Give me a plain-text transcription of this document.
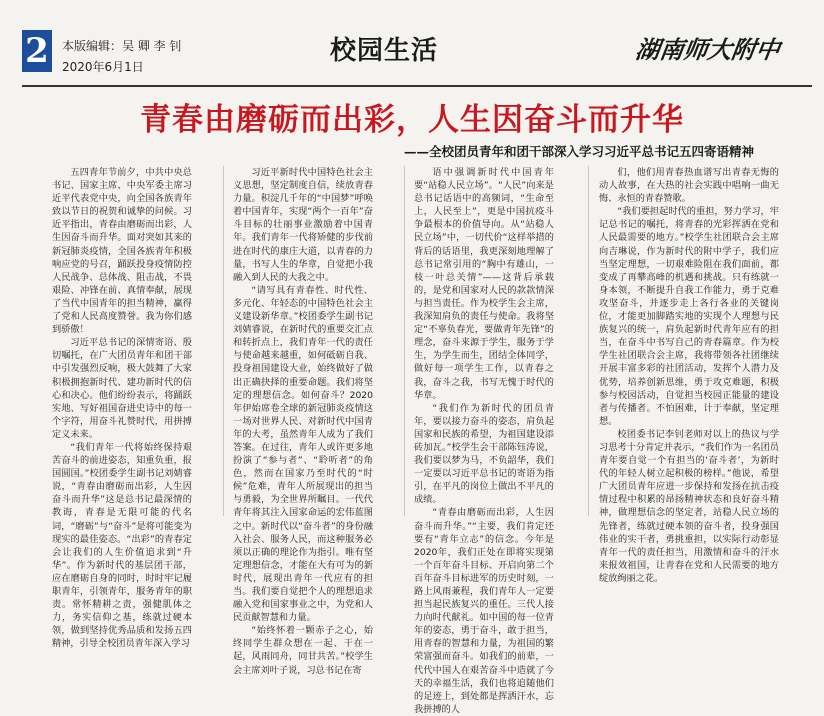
2 本版编辑：吴 卿 李 钊
2020年6月1日
校园生活	湖南师大附中
青春由磨砺而出彩，人生因奋斗而升华
——全校团员青年和团干部深入学习习近平总书记五四寄语精神

五四青年节前夕，中共中央总书记、国家主席、中央军委主席习近平代表党中央，向全国各族青年致以节日的祝贺和诚挚的问候。习近平指出，青春由磨砺而出彩，人生因奋斗而升华。面对突如其来的新冠肺炎疫情，全国各族青年积极响应党的号召，踊跃投身疫情防控人民战争、总体战、阻击战，不畏艰险、冲锋在前、真情奉献，展现了当代中国青年的担当精神，赢得了党和人民高度赞誉。我为你们感到骄傲！

习近平总书记的深情寄语、殷切嘱托，在广大团员青年和团干部中引发强烈反响，极大鼓舞了大家积极拥抱新时代、建功新时代的信心和决心。他们纷纷表示，将踊跃实地、写好祖国奋进史诗中的每一个字符，用奋斗礼赞时代，用拼搏定义未来。

“我们青年一代将始终保持艰苦奋斗的前进姿态，知重负重，报国圆国。”校团委学生副书记刘婧睿说，“青春由磨砺而出彩，人生因奋斗而升华”这是总书记最深情的教诲，青春是无限可能的代名词，“磨砺”与“奋斗”是将可能变为现实的最佳姿态。“出彩”的青春定会让我们的人生价值追求到“升华”。作为新时代的基层团干部，应在磨砺自身的同时，时时牢记履职青年，引领青年，服务青年的职责。常怀精耕之责，强健肌体之力，务实信仰之基，练就过硬本领，做到坚持优秀品质和发扬五四精神，引导全校团员青年深入学习

习近平新时代中国特色社会主义思想，坚定制度自信，续放青春力量。积淀几千年的“中国梦”呼唤着中国青年，实现“两个一百年”奋斗目标的壮丽事业激励着中国青年。我们青年一代将矫健的步伐前进在时代的康庄大道，以青春的力量，书写人生的华章，自觉把小我融入到人民的大我之中。

“请写具有青春性、时代性、多元化、年轻态的中国特色社会主义建设新华章。”校团委学生副书记刘婧睿说，在新时代的重要交汇点和转折点上，我们青年一代的责任与使命越来越重，如何砥砺自我、投身祖国建设大业，始终做好了做出正确抉择的重要命题。我们将坚定的理想信念。如何奋斗？2020年伊始席卷全球的新冠肺炎疫情这一场对世界人民、对新时代中国青年的大考，虽然青年人成为了我们答案。在过往，青年人或许更多地扮演了“参与者”、“聆听者”的角色，然而在国家乃至时代的“时候”危难，青年人所展现出的担当与勇毅，为全世界所瞩目。一代代青年将其注入国家命运的宏伟蓝图之中。新时代以“奋斗者”的身份融入社会、服务人民，而这种服务必须以正确的理论作为指引。唯有坚定理想信念，才能在大有可为的新时代，展现出青年一代应有的担当。我们要自觉把个人的理想追求融入党和国家事业之中，为党和人民贡献智慧和力量。

“始终怀着一颗赤子之心，始终同学生群众想在一起、干在一起，风雨同舟，同甘共苦。”校学生会主席刘叶子说，习总书记在寄

语中强调新时代中国青年要“站稳人民立场”。“人民”向来是总书记话语中的高频词，“生命至上，人民至上”，更是中国抗疫斗争最根本的价值导向。从“站稳人民立场”中，一切代价“这样举措的背后的话语里，我更深刻地理解了总书记常引用的“胸中有雄山，一枝一叶总关情”——这背后承载的，是党和国家对人民的款款情深与担当责任。作为校学生会主席，我深知肩负的责任与使命。我将坚定“不辜负春光，要做青年先锋”的理念，奋斗来源于学生，服务于学生，为学生而生，团结全体同学，做好每一项学生工作，以青春之我，奋斗之我，书写无愧于时代的华章。

“我们作为新时代的团员青年，要以接力奋斗的姿态，肩负起国家和民族的希望，为祖国建设添砖加瓦。”校学生会干部陈钰涛说，我们要以梦为马，不负韶华，我们一定要以习近平总书记的寄语为指引，在平凡的岗位上做出不平凡的成绩。

“青春由磨砺而出彩，人生因奋斗而升华。”“主要，我们肯定还要有“青年立志”的信念。今年是2020年，我们正处在即将实现第一个百年奋斗目标、开启向第二个百年奋斗目标进军的历史时刻，一路上风雨兼程，我们青年人一定要担当起民族复兴的重任。三代人接力向时代献礼。如中国的每一位青年的姿态，勇于奋斗，敢于担当，用青春的智慧和力量，为祖国的繁荣富强而奋斗。如我们的前辈，一代代中国人在艰苦奋斗中造就了今天的幸福生活，我们也将追随他们的足迹上，到处都是挥洒汗水，忘我拼搏的人

们，他们用青春热血谱写出青春无悔的动人故事，在大热的社会实践中唱响一曲无悔、永恒的青春赞歌。

“我们要担起时代的重担，努力学习，牢记总书记的嘱托，将青春的光彩挥洒在党和人民最需要的地方。”校学生社团联合会主席向吉琳说，作为新时代的附中学子，我们应当坚定理想，一切艰难险阻在我们面前，都变成了再攀高峰的机遇和挑战。只有练就一身本领，不断提升自我工作能力，勇于克难攻坚奋斗，并逐步走上各行各业的关键岗位，才能更加脚踏实地的实现个人理想与民族复兴的统一，肩负起新时代青年应有的担当，在奋斗中书写自己的青春篇章。作为校学生社团联合会主席，我将带领各社团继续开展丰富多彩的社团活动，发挥个人潜力及优势，培养创新思维，勇于攻克难题，积极参与校园活动，自觉担当校园正能量的建设者与传播者。不怕困难，计于奉献，坚定理想。

校团委书记李钊老师对以上的热议与学习思考十分肯定并表示，“我们作为一名团员青年要自觉一个有担当的‘奋斗者’，为新时代的年轻人树立起积极的榜样。”他说，希望广大团员青年应进一步保持和发扬在抗击疫情过程中积累的昂扬精神状态和良好奋斗精神，做理想信念的坚定者，站稳人民立场的先锋者，练就过硬本领的奋斗者，投身强国伟业的实干者，勇挑重担，以实际行动彰显青年一代的责任担当，用激情和奋斗的汗水来报效祖国，让青春在党和人民需要的地方绽放绚丽之花。
